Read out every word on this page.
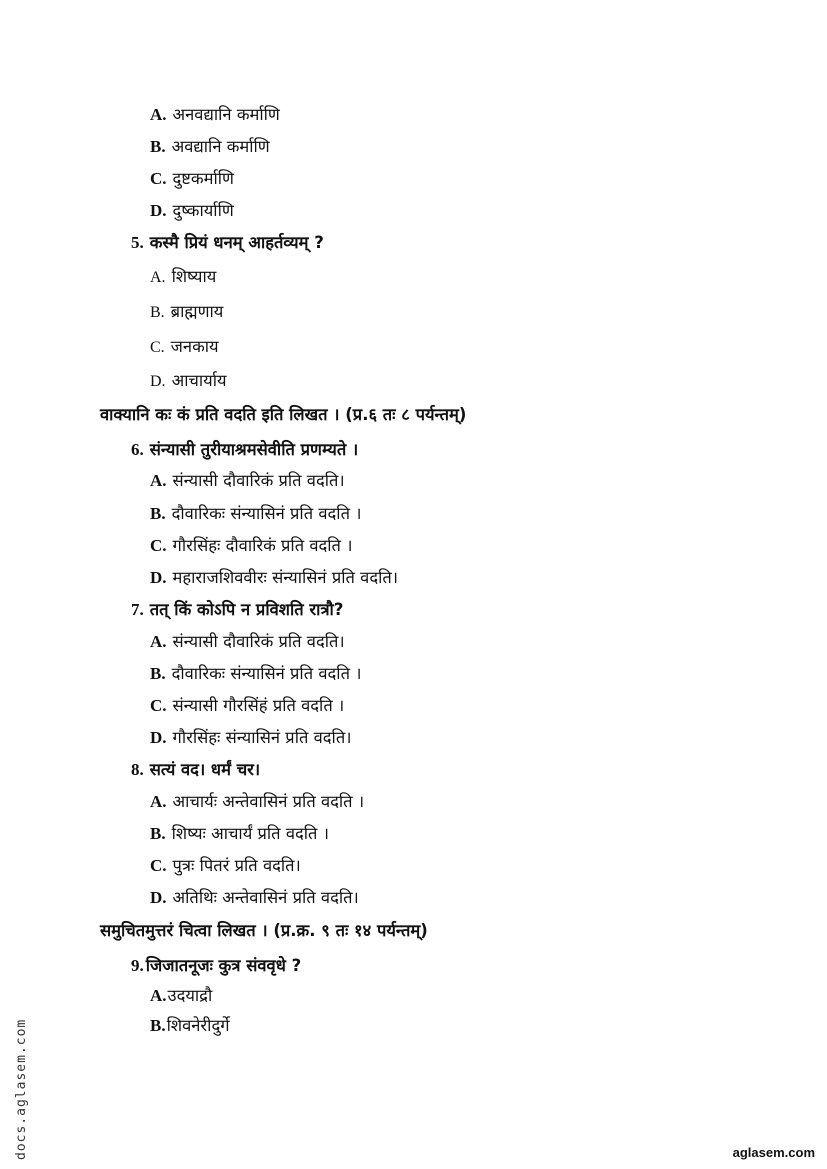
A. अनवद्यानि कर्माणि
B. अवद्यानि कर्माणि
C. दुष्टकर्माणि
D. दुष्कार्याणि
5. कस्मै प्रियं धनम् आहर्तव्यम् ?
A. शिष्याय
B. ब्राह्मणाय
C. जनकाय
D. आचार्याय
वाक्यानि कः कं प्रति वदति इति लिखत । (प्र.६ तः ८ पर्यन्तम्)
6. संन्यासी तुरीयाश्रमसेवीति प्रणम्यते ।
A. संन्यासी दौवारिकं प्रति वदति।
B. दौवारिकः संन्यासिनं प्रति वदति ।
C. गौरसिंहः दौवारिकं प्रति वदति ।
D. महाराजशिववीरः संन्यासिनं प्रति वदति।
7. तत् किं कोऽपि न प्रविशति रात्रौ?
A. संन्यासी दौवारिकं प्रति वदति।
B. दौवारिकः संन्यासिनं प्रति वदति ।
C. संन्यासी गौरसिंहं प्रति वदति ।
D. गौरसिंहः संन्यासिनं प्रति वदति।
8. सत्यं वद। धर्मं चर।
A. आचार्यः अन्तेवासिनं प्रति वदति ।
B. शिष्यः आचार्यं प्रति वदति ।
C. पुत्रः पितरं प्रति वदति।
D. अतिथिः अन्तेवासिनं प्रति वदति।
समुचितमुत्तरं चित्वा लिखत । (प्र.क्र. ९ तः १४ पर्यन्तम्)
9. जिजातनूजः कुत्र संववृधे ?
A.उदयाद्रौ
B.शिवनेरीदुर्गे
docs.aglasem.com	aglasem.com
